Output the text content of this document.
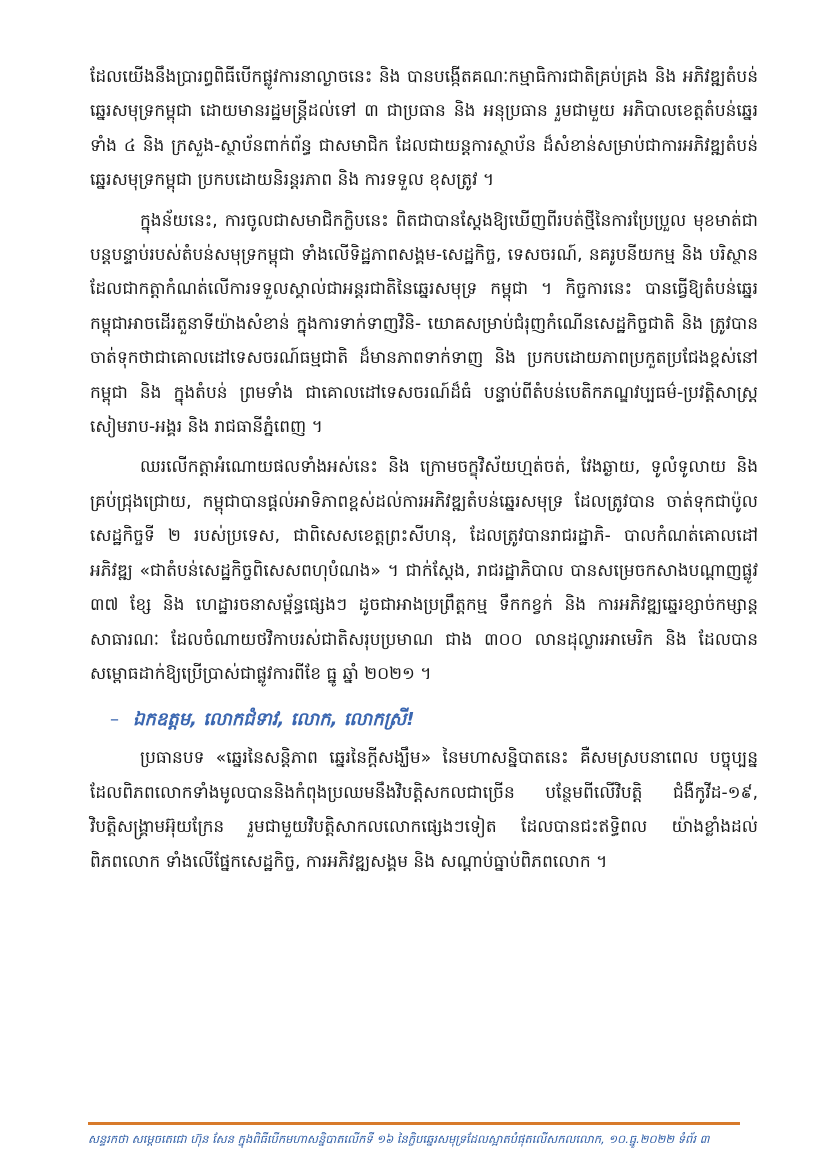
ដែលយើងនឹងប្រារព្ធពិធីបើកផ្លូវការនាល្ងាចនេះ និង បានបង្កើតគណៈកម្មាធិការជាតិគ្រប់គ្រង និង អភិវឌ្ឍតំបន់ឆ្នេរសមុទ្រកម្ពុជា ដោយមានរដ្ឋមន្ត្រីដល់ទៅ ៣ ជាប្រធាន និង អនុប្រធាន រួមជាមួយ អភិបាលខេត្តតំបន់ឆ្នេរទាំង ៤ និង ក្រសួង-ស្ថាប័នពាក់ព័ន្ធ ជាសមាជិក ដែលជាយន្តការស្ថាប័ន ដ៏សំខាន់សម្រាប់ជាការអភិវឌ្ឍតំបន់ឆ្នេរសមុទ្រកម្ពុជា ប្រកបដោយនិរន្តរភាព និង ការទទួល ខុសត្រូវ ។

ក្នុងន័យនេះ, ការចូលជាសមាជិកក្លិបនេះ ពិតជាបានស្តែងឱ្យឃើញពីរបត់ថ្មីនៃការប្រែប្រួល មុខមាត់ជាបន្តបន្ទាប់របស់តំបន់សមុទ្រកម្ពុជា ទាំងលើទិដ្ឋភាពសង្គម-សេដ្ឋកិច្ច, ទេសចរណ៍, នគរូបនីយកម្ម និង បរិស្ថាន ដែលជាកត្តាកំណត់លើការទទួលស្គាល់ជាអន្តរជាតិនៃឆ្នេរសមុទ្រ កម្ពុជា ។ កិច្ចការនេះ បានធ្វើឱ្យតំបន់ឆ្នេរកម្ពុជាអាចដើរតួនាទីយ៉ាងសំខាន់ ក្នុងការទាក់ទាញវិនិ- យោគសម្រាប់ជំរុញកំណើនសេដ្ឋកិច្ចជាតិ និង ត្រូវបានចាត់ទុកថាជាគោលដៅទេសចរណ៍ធម្មជាតិ ដ៏មានភាពទាក់ទាញ និង ប្រកបដោយភាពប្រកួតប្រជែងខ្ពស់នៅកម្ពុជា និង ក្នុងតំបន់ ព្រមទាំង ជាគោលដៅទេសចរណ៍ដ៏ធំ បន្ទាប់ពីតំបន់បេតិកភណ្ឌវប្បធម៌-ប្រវត្តិសាស្ត្រសៀមរាប-អង្គរ និង រាជធានីភ្នំពេញ ។

ឈរលើកត្តាអំណោយផលទាំងអស់នេះ និង ក្រោមចក្ខុវិស័យហ្មត់ចត់, វែងឆ្ងាយ, ទូលំទូលាយ និង គ្រប់ជ្រុងជ្រោយ, កម្ពុជាបានផ្តល់អាទិភាពខ្ពស់ដល់ការអភិវឌ្ឍតំបន់ឆ្នេរសមុទ្រ ដែលត្រូវបាន ចាត់ទុកជាប៉ូលសេដ្ឋកិច្ចទី ២ របស់ប្រទេស, ជាពិសេសខេត្តព្រះសីហនុ, ដែលត្រូវបានរាជរដ្ឋាភិ- បាលកំណត់គោលដៅអភិវឌ្ឍ «ជាតំបន់សេដ្ឋកិច្ចពិសេសពហុបំណង» ។ ជាក់ស្តែង, រាជរដ្ឋាភិបាល បានសម្រេចកសាងបណ្តាញផ្លូវ ៣៧ ខ្សែ និង ហេដ្ឋារចនាសម្ព័ន្ធផ្សេងៗ ដូចជាអាងប្រព្រឹត្តកម្ម ទឹកកខ្វក់ និង ការអភិវឌ្ឍឆ្នេរខ្សាច់កម្សាន្តសាធារណៈ ដែលចំណាយថវិកាបរស់ជាតិសរុបប្រមាណ ជាង ៣០០ លានដុល្លារអាមេរិក និង ដែលបានសម្ពោធដាក់ឱ្យប្រើប្រាស់ជាផ្លូវការពីខែ ធ្នូ ឆ្នាំ ២០២១ ។

– ឯកឧត្តម, លោកជំទាវ, លោក, លោកស្រី!

ប្រធានបទ «ឆ្នេរនៃសន្តិភាព ឆ្នេរនៃក្តីសង្ឃឹម» នៃមហាសន្និបាតនេះ គឺសមស្របនាពេល បច្ចុប្បន្ន ដែលពិភពលោកទាំងមូលបាននិងកំពុងប្រឈមនឹងវិបត្តិសកលជាច្រើន បន្ថែមពីលើវិបត្តិ ជំងឺកូវីដ-១៩, វិបត្តិសង្គ្រាមអ៊ុយក្រែន រួមជាមួយវិបត្តិសាកលលោកផ្សេងៗទៀត ដែលបានជះឥទ្ធិពល យ៉ាងខ្លាំងដល់ពិភពលោក ទាំងលើផ្នែកសេដ្ឋកិច្ច, ការអភិវឌ្ឍសង្គម និង សណ្តាប់ធ្នាប់ពិភពលោក ។

សន្ទរកថា សម្តេចតេជោ ហ៊ុន សែន ក្នុងពិធីបើកមហាសន្និបាតលើកទី ១៦ នៃក្លិបឆ្នេរសមុទ្រដែលស្អាតបំផុតលើសកលលោក, ១០.ធ្នូ.២០២២ ទំព័រ ៣
